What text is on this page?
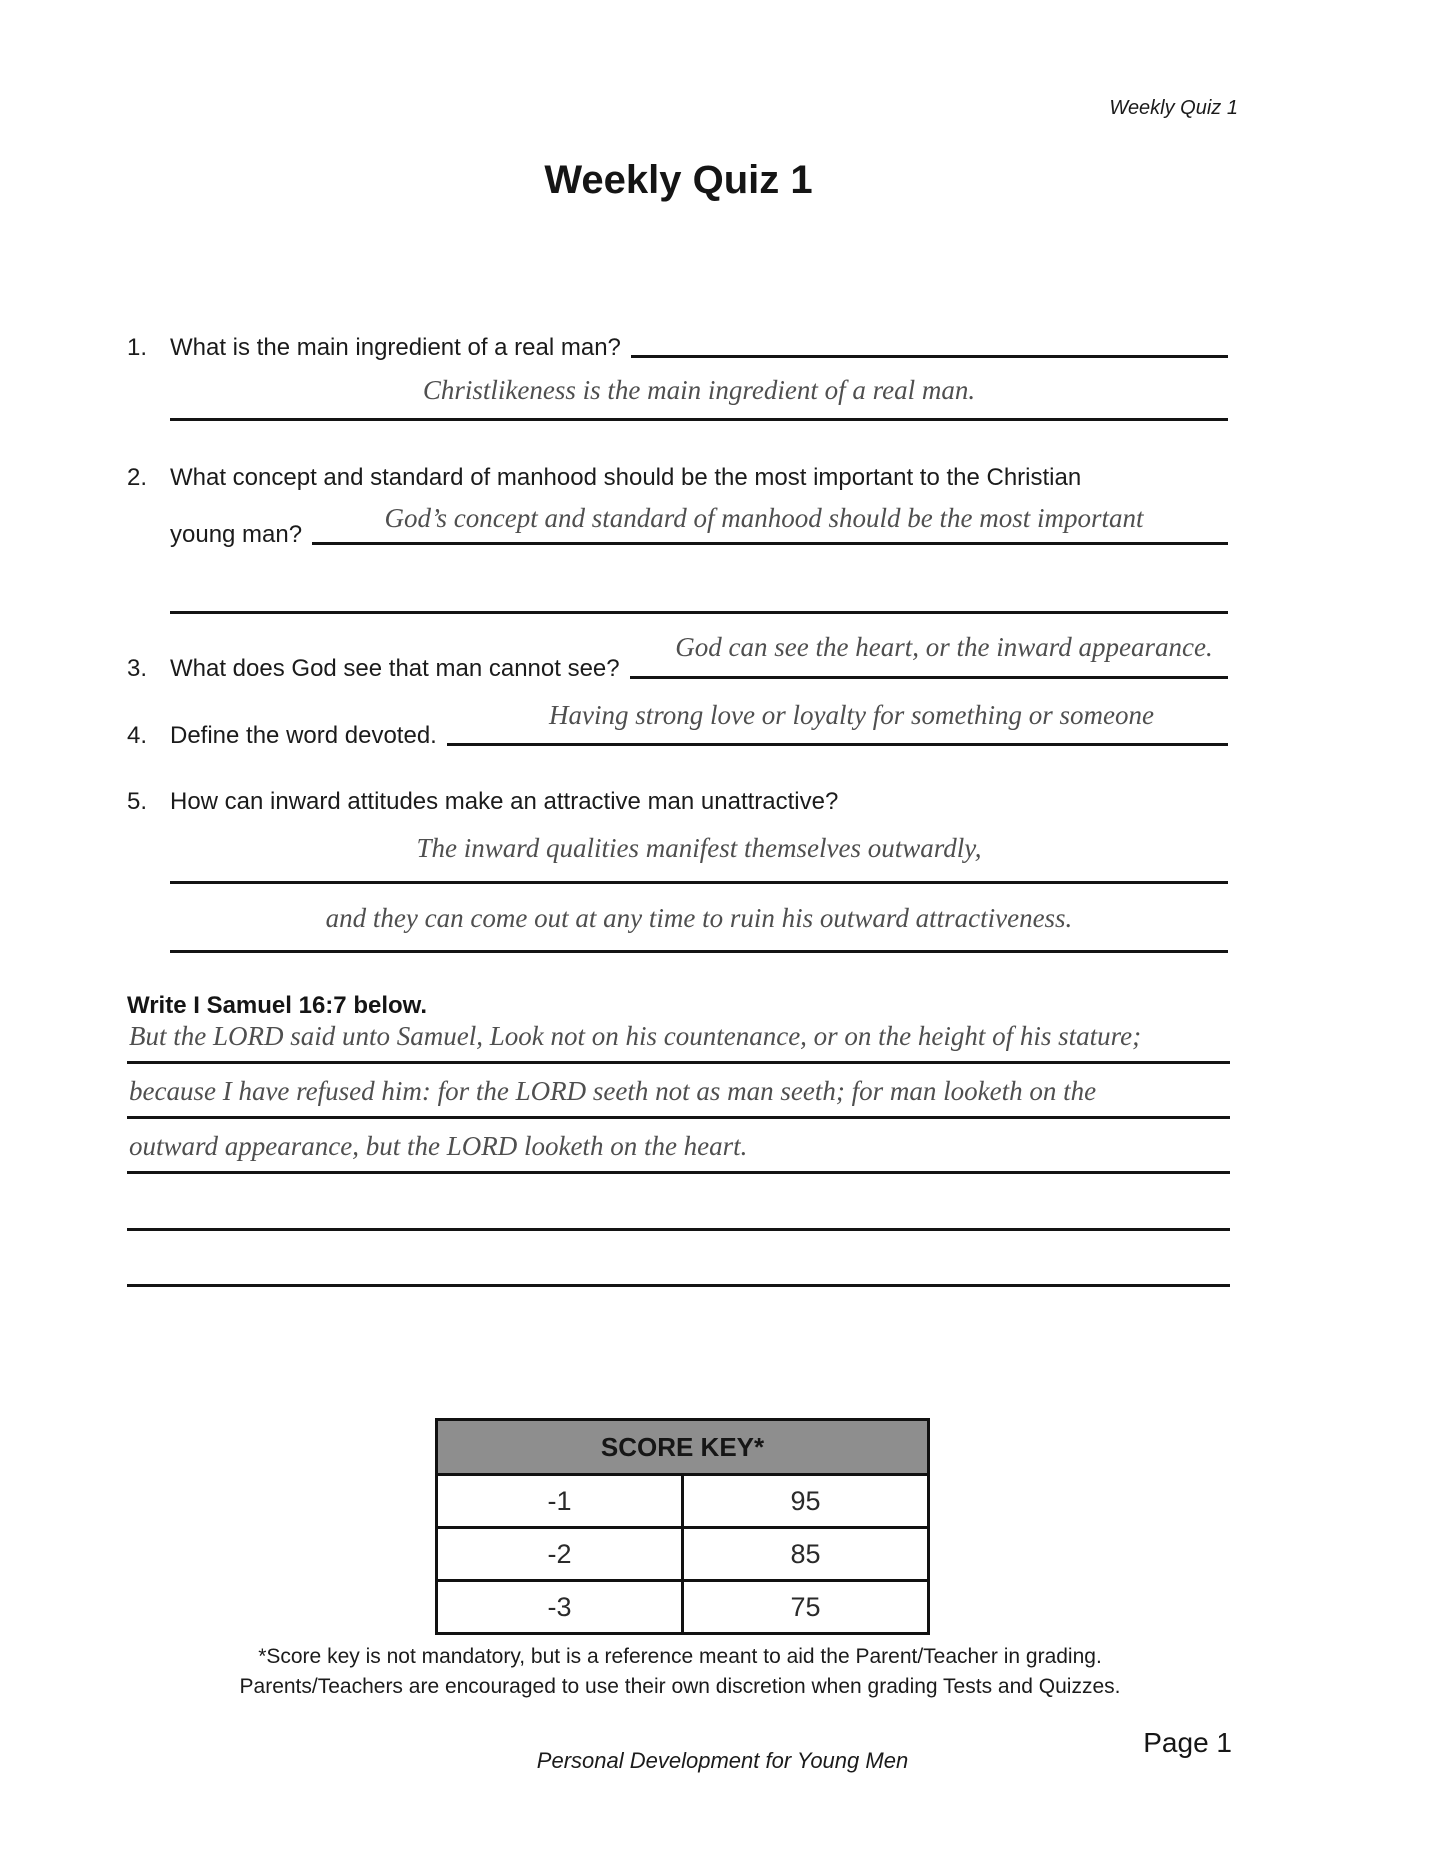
Weekly Quiz 1
Weekly Quiz 1
1. What is the main ingredient of a real man?
Christlikeness is the main ingredient of a real man.
2. What concept and standard of manhood should be the most important to the Christian
God’s concept and standard of manhood should be the most important
young man?
God can see the heart, or the inward appearance.
3. What does God see that man cannot see?
Having strong love or loyalty for something or someone
4. Define the word devoted.
5. How can inward attitudes make an attractive man unattractive?
The inward qualities manifest themselves outwardly,
and they can come out at any time to ruin his outward attractiveness.
Write I Samuel 16:7 below.
But the LORD said unto Samuel, Look not on his countenance, or on the height of his stature;
because I have refused him: for the LORD seeth not as man seeth; for man looketh on the
outward appearance, but the LORD looketh on the heart.
SCORE KEY*	
-1	95
-2	85
-3	75
*Score key is not mandatory, but is a reference meant to aid the Parent/Teacher in grading.
Parents/Teachers are encouraged to use their own discretion when grading Tests and Quizzes.
Personal Development for Young Men
Page 1
